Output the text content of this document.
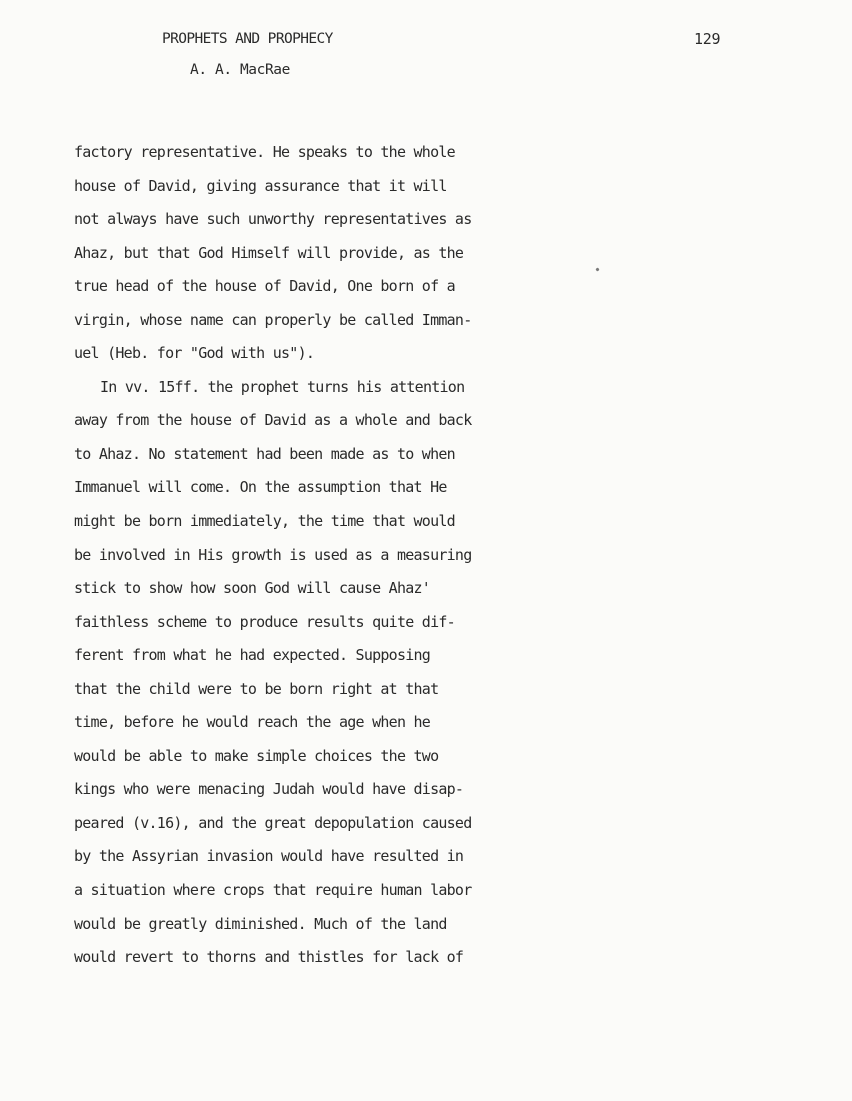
PROPHETS AND PROPHECY	129
A. A. MacRae
factory representative. He speaks to the whole
house of David, giving assurance that it will
not always have such unworthy representatives as
Ahaz, but that God Himself will provide, as the
true head of the house of David, One born of a
virgin, whose name can properly be called Imman-
uel (Heb. for "God with us").
In vv. 15ff. the prophet turns his attention
away from the house of David as a whole and back
to Ahaz. No statement had been made as to when
Immanuel will come. On the assumption that He
might be born immediately, the time that would
be involved in His growth is used as a measuring
stick to show how soon God will cause Ahaz'
faithless scheme to produce results quite dif-
ferent from what he had expected. Supposing
that the child were to be born right at that
time, before he would reach the age when he
would be able to make simple choices the two
kings who were menacing Judah would have disap-
peared (v.16), and the great depopulation caused
by the Assyrian invasion would have resulted in
a situation where crops that require human labor
would be greatly diminished. Much of the land
would revert to thorns and thistles for lack of
